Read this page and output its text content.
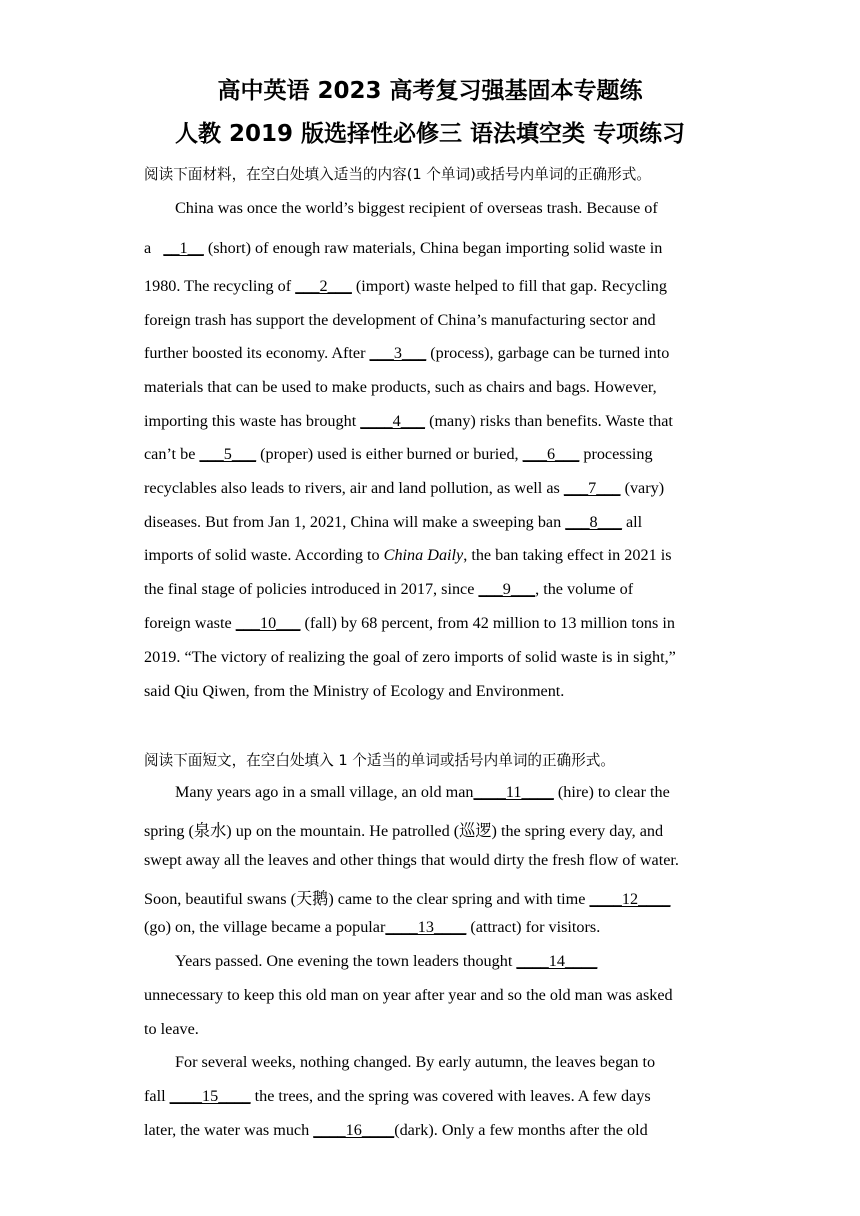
高中英语 2023 高考复习强基固本专题练
人教 2019 版选择性必修三 语法填空类 专项练习
阅读下面材料，在空白处填入适当的内容(1 个单词)或括号内单词的正确形式。
China was once the world’s biggest recipient of overseas trash. Because of
a   __1__ (short) of enough raw materials, China began importing solid waste in
1980. The recycling of ___2___ (import) waste helped to fill that gap. Recycling
foreign trash has support the development of China’s manufacturing sector and
further boosted its economy. After ___3___ (process), garbage can be turned into
materials that can be used to make products, such as chairs and bags. However,
importing this waste has brought ____4___ (many) risks than benefits. Waste that
can’t be ___5___ (proper) used is either burned or buried, ___6___ processing
recyclables also leads to rivers, air and land pollution, as well as ___7___ (vary)
diseases. But from Jan 1, 2021, China will make a sweeping ban ___8___ all
imports of solid waste. According to China Daily, the ban taking effect in 2021 is
the final stage of policies introduced in 2017, since ___9___, the volume of
foreign waste ___10___ (fall) by 68 percent, from 42 million to 13 million tons in
2019. “The victory of realizing the goal of zero imports of solid waste is in sight,”
said Qiu Qiwen, from the Ministry of Ecology and Environment.
阅读下面短文，在空白处填入 1 个适当的单词或括号内单词的正确形式。
Many years ago in a small village, an old man____11____ (hire) to clear the
spring (泉水) up on the mountain. He patrolled (巡逻) the spring every day, and
swept away all the leaves and other things that would dirty the fresh flow of water.
Soon, beautiful swans (天鹅) came to the clear spring and with time ____12____
(go) on, the village became a popular____13____ (attract) for visitors.
Years passed. One evening the town leaders thought ____14____
unnecessary to keep this old man on year after year and so the old man was asked
to leave.
For several weeks, nothing changed. By early autumn, the leaves began to
fall ____15____ the trees, and the spring was covered with leaves. A few days
later, the water was much ____16____(dark). Only a few months after the old
